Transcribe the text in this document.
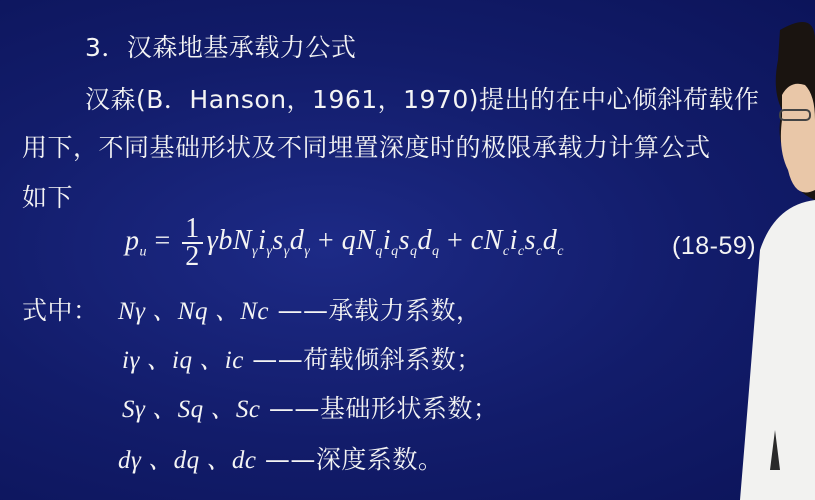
3．汉森地基承载力公式
汉森(B．Hanson，1961，1970)提出的在中心倾斜荷载作
用下，不同基础形状及不同埋置深度时的极限承载力计算公式
如下
$p_u = \frac{1}{2} \gamma bN_\gamma i_\gamma s_\gamma d_\gamma + qN_qi_qs_qd_q + cN_ci_cs_cd_c$	(18-59)
式中： Nγ 、Nq 、Nc ——承载力系数，
iγ 、iq 、ic ——荷载倾斜系数；
Sγ 、Sq 、Sc ——基础形状系数；
dγ 、dq 、dc ——深度系数。
